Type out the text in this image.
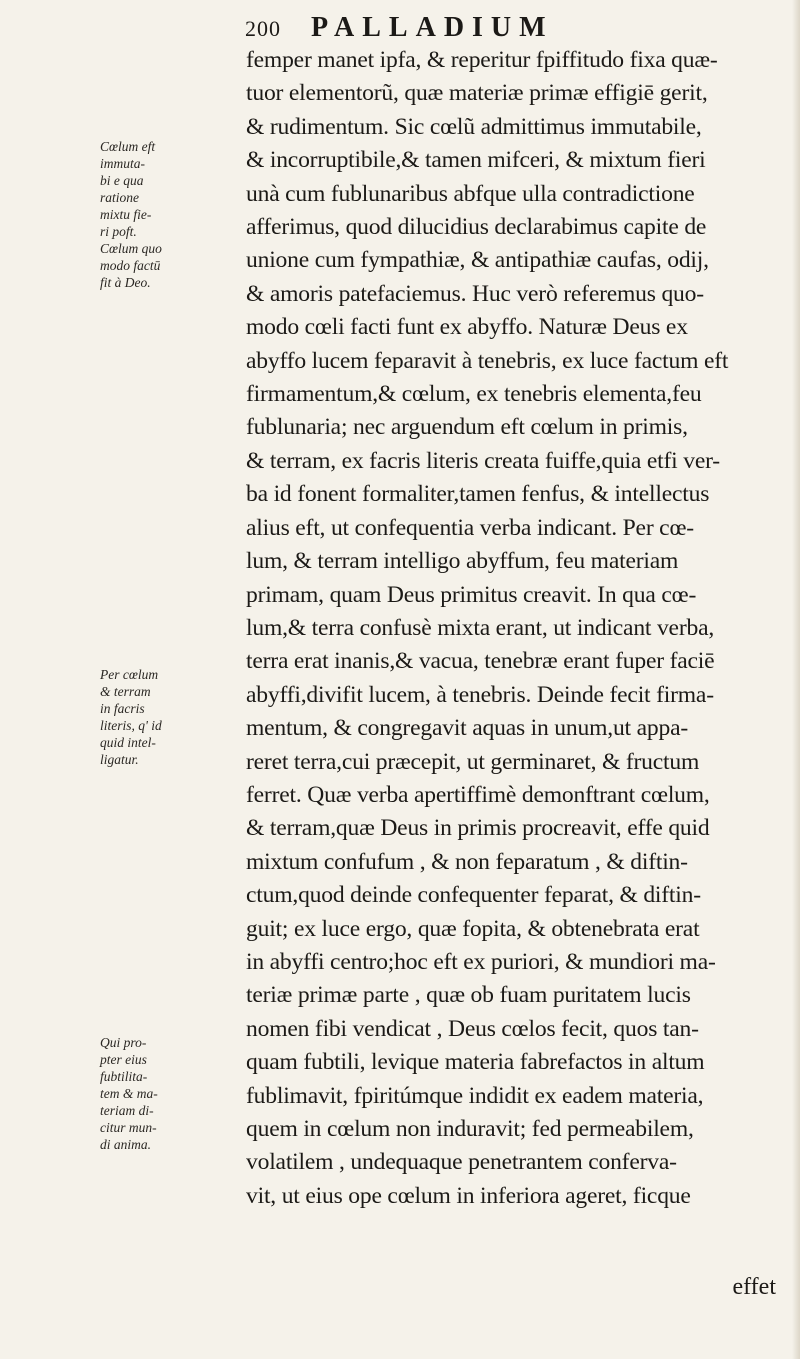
200 PALLADIUM
Cœlum eft
immuta-
bi e qua
ratione
mixtu fie-
ri poft.
Cœlum quo
modo factū
fit à Deo.
Per cœlum
& terram
in facris
literis, q' id
quid intel-
ligatur.
Qui pro-
pter eius
fubtilita-
tem & ma-
teriam di-
citur mun-
di anima.
femper manet ipfa, & reperitur fpiffitudo fixa quæ-
tuor elementorũ, quæ materiæ primæ effigiē gerit,
& rudimentum. Sic cœlũ admittimus immutabile,
& incorruptibile,& tamen mifceri, & mixtum fieri
unà cum fublunaribus abfque ulla contradictione
afferimus, quod dilucidius declarabimus capite de
unione cum fympathiæ, & antipathiæ caufas, odij,
& amoris patefaciemus. Huc verò referemus quo-
modo cœli facti funt ex abyffo. Naturæ Deus ex
abyffo lucem feparavit à tenebris, ex luce factum eft
firmamentum,& cœlum, ex tenebris elementa,feu
fublunaria; nec arguendum eft cœlum in primis,
& terram, ex facris literis creata fuiffe,quia etfi ver-
ba id fonent formaliter,tamen fenfus, & intellectus
alius eft, ut confequentia verba indicant. Per cœ-
lum, & terram intelligo abyffum, feu materiam
primam, quam Deus primitus creavit. In qua cœ-
lum,& terra confusè mixta erant, ut indicant verba,
terra erat inanis,& vacua, tenebræ erant fuper faciē
abyffi,divifit lucem, à tenebris. Deinde fecit firma-
mentum, & congregavit aquas in unum,ut appa-
reret terra,cui præcepit, ut germinaret, & fructum
ferret. Quæ verba apertiffimè demonftrant cœlum,
& terram,quæ Deus in primis procreavit, effe quid
mixtum confufum , & non feparatum , & diftin-
ctum,quod deinde confequenter feparat, & diftin-
guit; ex luce ergo, quæ fopita, & obtenebrata erat
in abyffi centro;hoc eft ex puriori, & mundiori ma-
teriæ primæ parte , quæ ob fuam puritatem lucis
nomen fibi vendicat , Deus cœlos fecit, quos tan-
quam fubtili, levique materia fabrefactos in altum
fublimavit, fpiritúmque indidit ex eadem materia,
quem in cœlum non induravit; fed permeabilem,
volatilem , undequaque penetrantem conferva-
vit, ut eius ope cœlum in inferiora ageret, ficque
effet
